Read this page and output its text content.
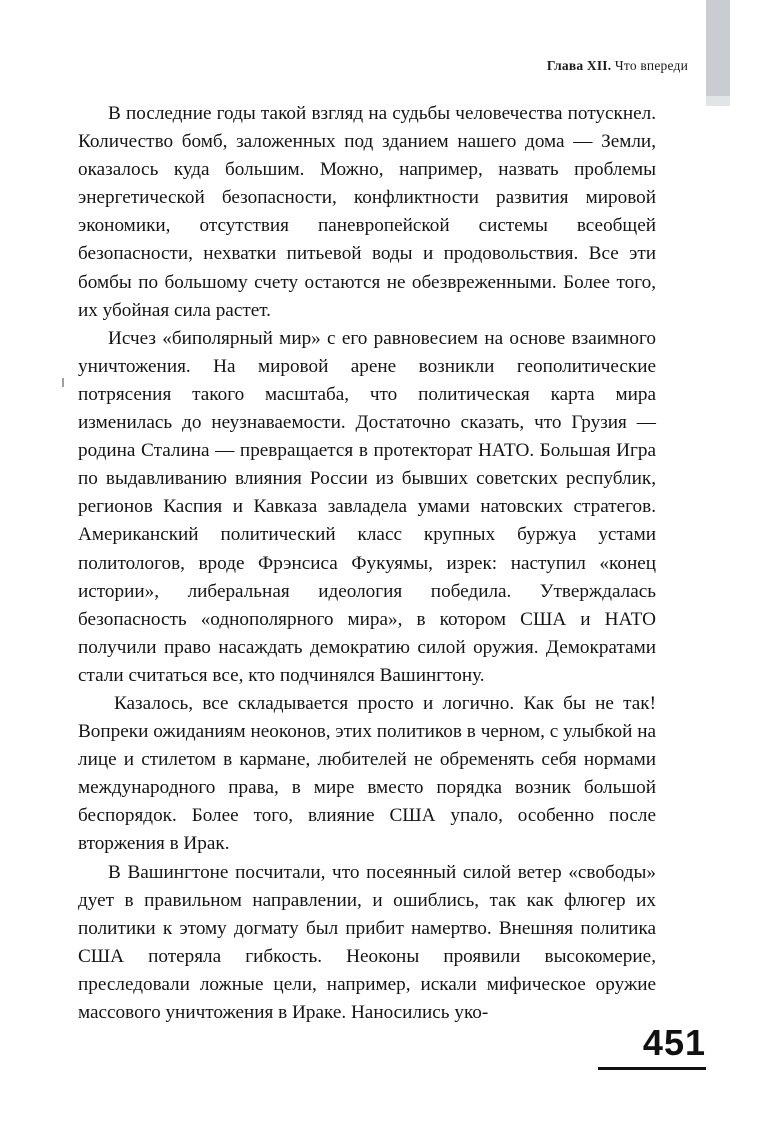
Глава XII. Что впереди

В последние годы такой взгляд на судьбы человечества потускнел. Количество бомб, заложенных под зданием нашего дома — Земли, оказалось куда большим. Можно, например, назвать проблемы энергетической безопасности, конфликтности развития мировой экономики, отсутствия паневропейской системы всеобщей безопасности, нехватки питьевой воды и продовольствия. Все эти бомбы по большому счету остаются не обезвреженными. Более того, их убойная сила растет.

Исчез «биполярный мир» с его равновесием на основе взаимного уничтожения. На мировой арене возникли геополитические потрясения такого масштаба, что политическая карта мира изменилась до неузнаваемости. Достаточно сказать, что Грузия — родина Сталина — превращается в протекторат НАТО. Большая Игра по выдавливанию влияния России из бывших советских республик, регионов Каспия и Кавказа завладела умами натовских стратегов. Американский политический класс крупных буржуа устами политологов, вроде Фрэнсиса Фукуямы, изрек: наступил «конец истории», либеральная идеология победила. Утверждалась безопасность «однополярного мира», в котором США и НАТО получили право насаждать демократию силой оружия. Демократами стали считаться все, кто подчинялся Вашингтону.

Казалось, все складывается просто и логично. Как бы не так! Вопреки ожиданиям неоконов, этих политиков в черном, с улыбкой на лице и стилетом в кармане, любителей не обременять себя нормами международного права, в мире вместо порядка возник большой беспорядок. Более того, влияние США упало, особенно после вторжения в Ирак.

В Вашингтоне посчитали, что посеянный силой ветер «свободы» дует в правильном направлении, и ошиблись, так как флюгер их политики к этому догмату был прибит намертво. Внешняя политика США потеряла гибкость. Неоконы проявили высокомерие, преследовали ложные цели, например, искали мифическое оружие массового уничтожения в Ираке. Наносились уко-

451
